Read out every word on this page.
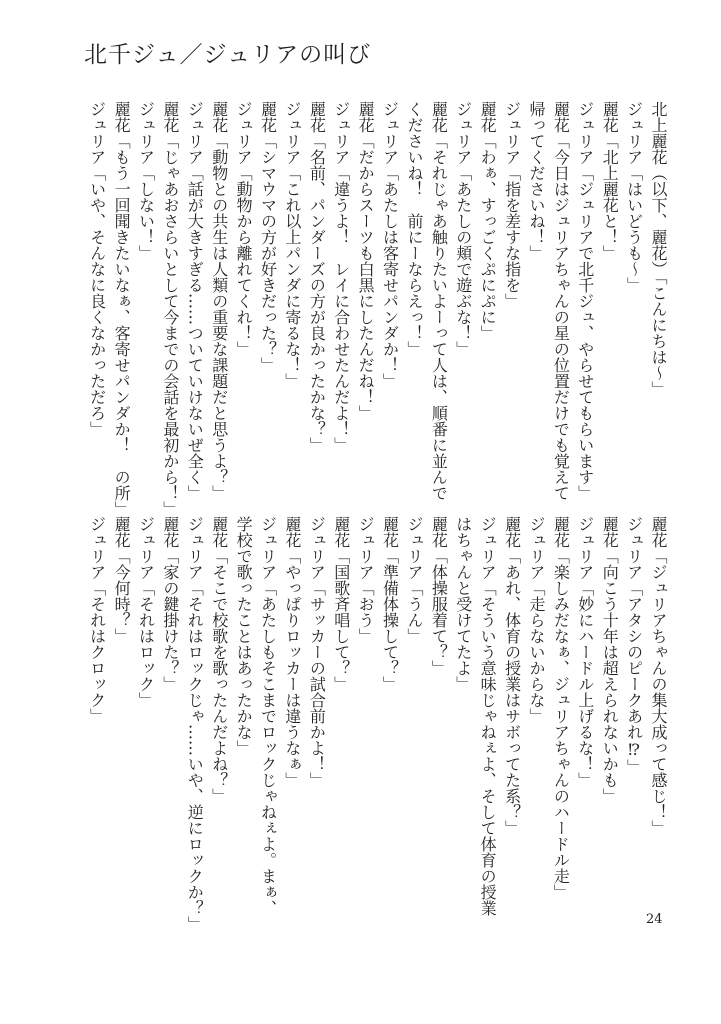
北千ジュ／ジュリアの叫び
北上麗花（以下、麗花）「こんにちは～」
ジュリア「はいどうも～」
麗花「北上麗花と！」
ジュリア「ジュリアで北千ジュ、やらせてもらいます」
麗花「今日はジュリアちゃんの星の位置だけでも覚えて
帰ってくださいね！」
ジュリア「指を差すな指を」
麗花「わぁ、すっごくぷにぷに」
ジュリア「あたしの頬で遊ぶな！」
麗花「それじゃあ触りたいよーって人は、順番に並んで
くださいね！　前にーならえっ！」
ジュリア「あたしは客寄せパンダか！」
麗花「だからスーツも白黒にしたんだね！」
ジュリア「違うよ！　レイに合わせたんだよ！」
麗花「名前、パンダーズの方が良かったかな？」
ジュリア「これ以上パンダに寄るな！」
麗花「シマウマの方が好きだった？」
ジュリア「動物から離れてくれ！」
麗花「動物との共生は人類の重要な課題だと思うよ？」
ジュリア「話が大きすぎる……ついていけないぜ全く」
麗花「じゃあおさらいとして今までの会話を最初から！」
ジュリア「しない！」
麗花「もう一回聞きたいなぁ、客寄せパンダか！　の所」
ジュリア「いや、そんなに良くなかっただろ」
麗花「ジュリアちゃんの集大成って感じ！」
ジュリア「アタシのピークあれ⁉」
麗花「向こう十年は超えられないかも」
ジュリア「妙にハードル上げるな！」
麗花「楽しみだなぁ、ジュリアちゃんのハードル走」
ジュリア「走らないからな」
麗花「あれ、体育の授業はサボってた系？」
ジュリア「そういう意味じゃねぇよ、そして体育の授業
はちゃんと受けてたよ」
麗花「体操服着て？」
ジュリア「うん」
麗花「準備体操して？」
ジュリア「おう」
麗花「国歌斉唱して？」
ジュリア「サッカーの試合前かよ！」
麗花「やっぱりロッカーは違うなぁ」
ジュリア「あたしもそこまでロックじゃねぇよ。まぁ、
学校で歌ったことはあったかな」
麗花「そこで校歌を歌ったんだよね？」
ジュリア「それはロックじゃ……いや、逆にロックか？」
麗花「家の鍵掛けた？」
ジュリア「それはロック」
麗花「今何時？」
ジュリア「それはクロック」
24
